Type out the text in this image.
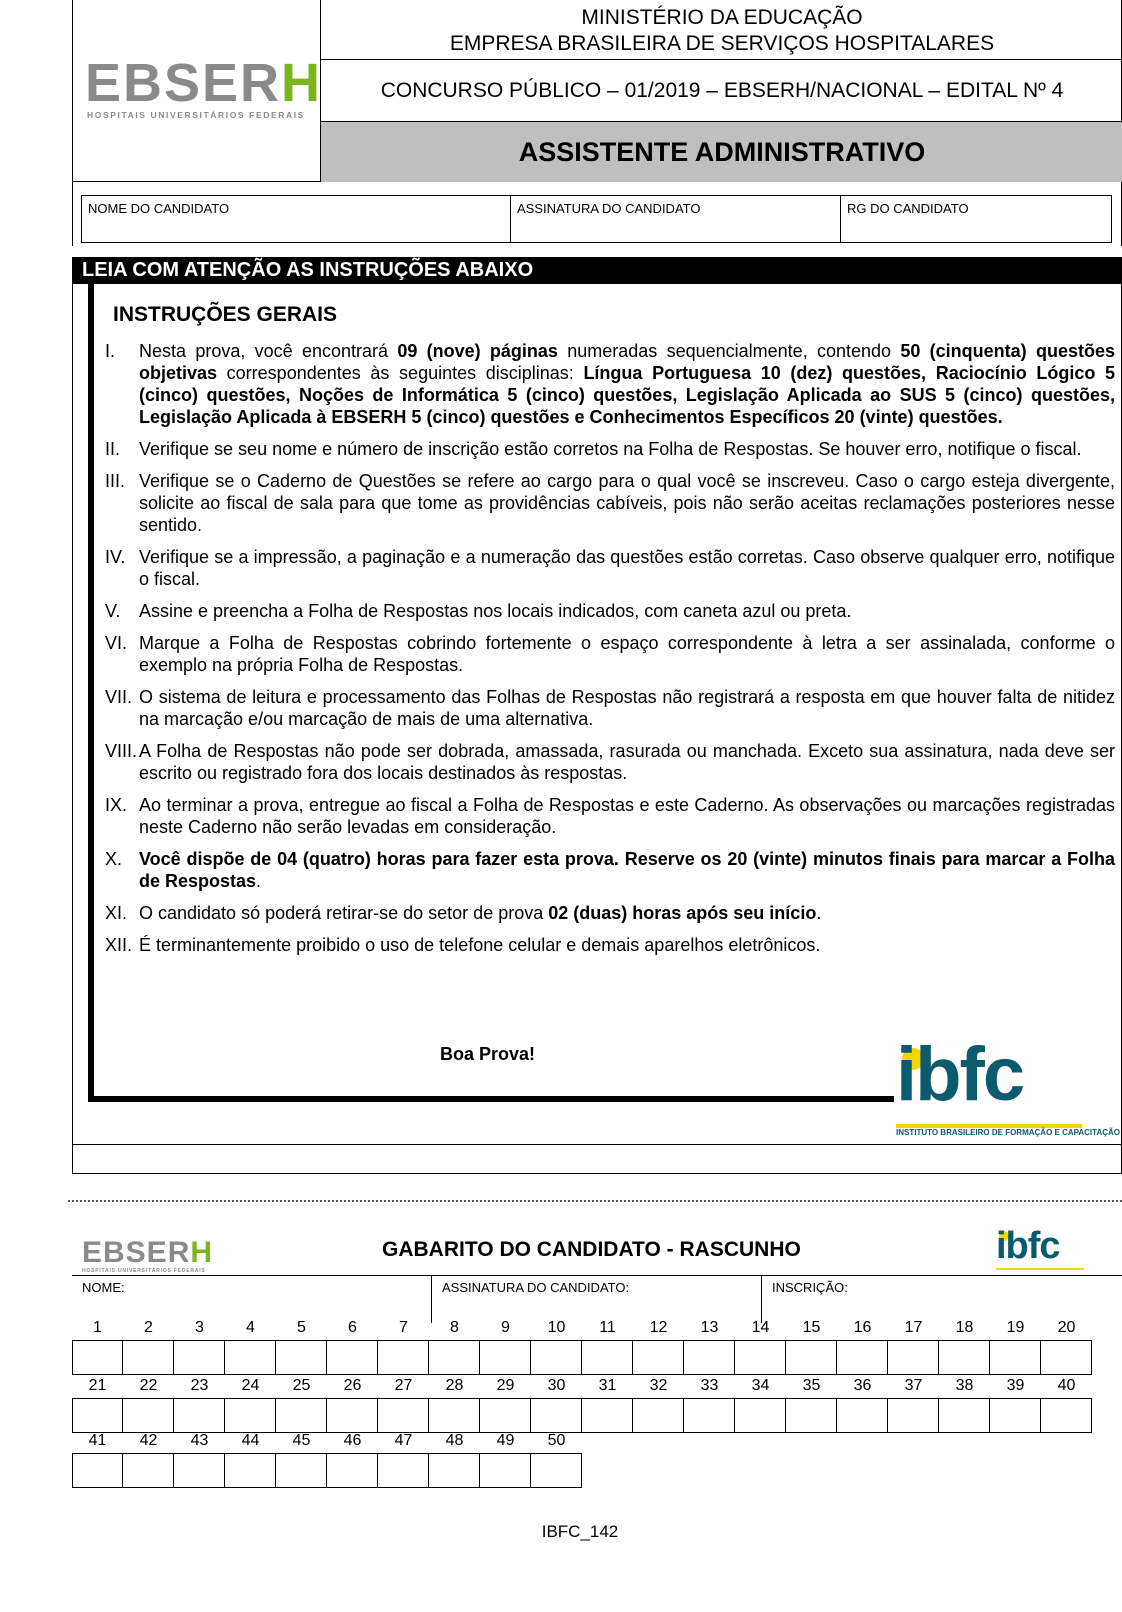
EBSERH
HOSPITAIS UNIVERSITÁRIOS FEDERAIS
MINISTÉRIO DA EDUCAÇÃO
EMPRESA BRASILEIRA DE SERVIÇOS HOSPITALARES
CONCURSO PÚBLICO – 01/2019 – EBSERH/NACIONAL – EDITAL Nº 4
ASSISTENTE ADMINISTRATIVO
NOME DO CANDIDATO	ASSINATURA DO CANDIDATO	RG DO CANDIDATO
LEIA COM ATENÇÃO AS INSTRUÇÕES ABAIXO
INSTRUÇÕES GERAIS
I. Nesta prova, você encontrará 09 (nove) páginas numeradas sequencialmente, contendo 50 (cinquenta) questões objetivas correspondentes às seguintes disciplinas: Língua Portuguesa 10 (dez) questões, Raciocínio Lógico 5 (cinco) questões, Noções de Informática 5 (cinco) questões, Legislação Aplicada ao SUS 5 (cinco) questões, Legislação Aplicada à EBSERH 5 (cinco) questões e Conhecimentos Específicos 20 (vinte) questões.
II. Verifique se seu nome e número de inscrição estão corretos na Folha de Respostas. Se houver erro, notifique o fiscal.
III. Verifique se o Caderno de Questões se refere ao cargo para o qual você se inscreveu. Caso o cargo esteja divergente, solicite ao fiscal de sala para que tome as providências cabíveis, pois não serão aceitas reclamações posteriores nesse sentido.
IV. Verifique se a impressão, a paginação e a numeração das questões estão corretas. Caso observe qualquer erro, notifique o fiscal.
V. Assine e preencha a Folha de Respostas nos locais indicados, com caneta azul ou preta.
VI. Marque a Folha de Respostas cobrindo fortemente o espaço correspondente à letra a ser assinalada, conforme o exemplo na própria Folha de Respostas.
VII. O sistema de leitura e processamento das Folhas de Respostas não registrará a resposta em que houver falta de nitidez na marcação e/ou marcação de mais de uma alternativa.
VIII. A Folha de Respostas não pode ser dobrada, amassada, rasurada ou manchada. Exceto sua assinatura, nada deve ser escrito ou registrado fora dos locais destinados às respostas.
IX. Ao terminar a prova, entregue ao fiscal a Folha de Respostas e este Caderno. As observações ou marcações registradas neste Caderno não serão levadas em consideração.
X. Você dispõe de 04 (quatro) horas para fazer esta prova. Reserve os 20 (vinte) minutos finais para marcar a Folha de Respostas.
XI. O candidato só poderá retirar-se do setor de prova 02 (duas) horas após seu início.
XII. É terminantemente proibido o uso de telefone celular e demais aparelhos eletrônicos.
Boa Prova!	ibfc
INSTITUTO BRASILEIRO DE FORMAÇÃO E CAPACITAÇÃO
EBSERH
HOSPITAIS UNIVERSITÁRIOS FEDERAIS
GABARITO DO CANDIDATO - RASCUNHO	ibfc
NOME:	ASSINATURA DO CANDIDATO:	INSCRIÇÃO:
1	2	3	4	5	6	7	8	9	10	11	12	13	14	15	16	17	18	19	20
21	22	23	24	25	26	27	28	29	30	31	32	33	34	35	36	37	38	39	40
41	42	43	44	45	46	47	48	49	50
IBFC_142
